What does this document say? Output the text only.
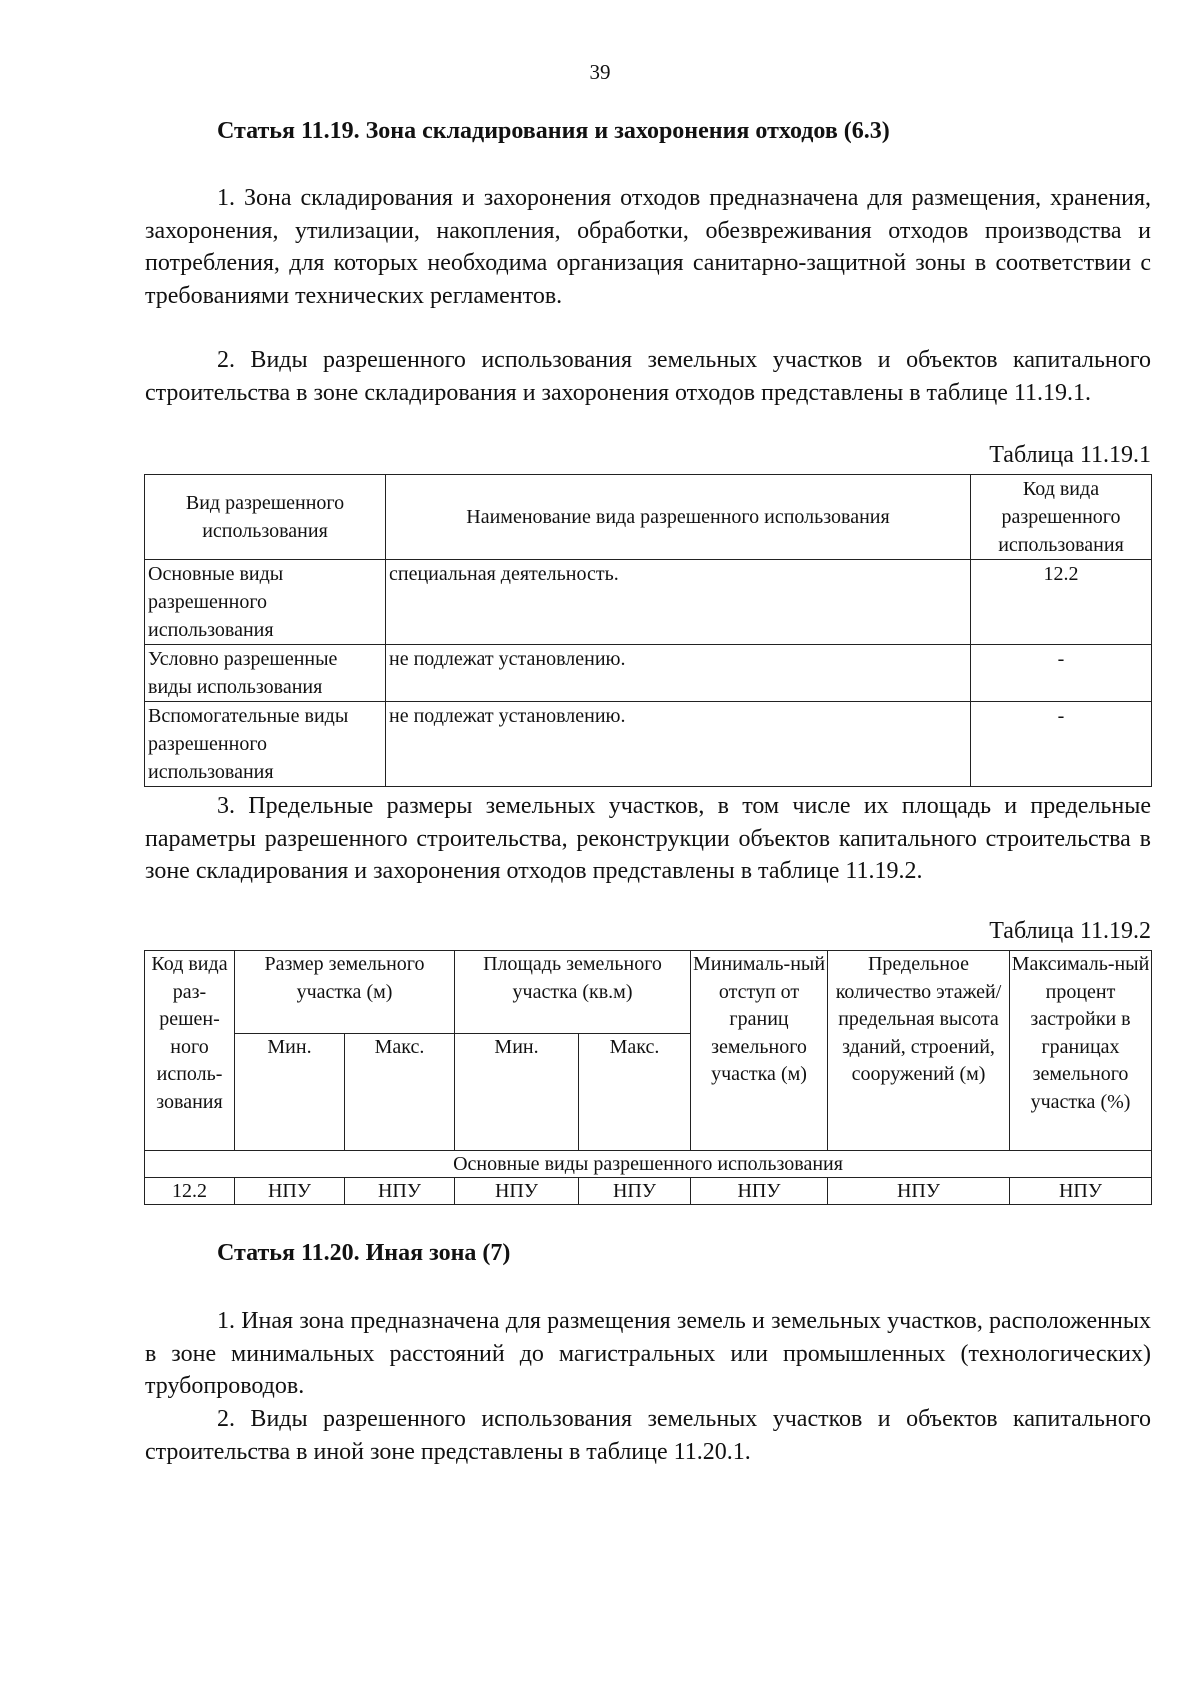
39
Статья 11.19. Зона складирования и захоронения отходов (6.3)
1. Зона складирования и захоронения отходов предназначена для размещения, хранения, захоронения, утилизации, накопления, обработки, обезвреживания отходов производства и потребления, для которых необходима организация санитарно-защитной зоны в соответствии с требованиями технических регламентов.
2. Виды разрешенного использования земельных участков и объектов капитального строительства в зоне складирования и захоронения отходов представлены в таблице 11.19.1.
Таблица 11.19.1
Вид разрешенного использования	Наименование вида разрешенного использования	Код вида разрешенного использования
Основные виды разрешенного использования	специальная деятельность.	12.2
Условно разрешенные виды использования	не подлежат установлению.	-
Вспомогательные виды разрешенного использования	не подлежат установлению.	-
3. Предельные размеры земельных участков, в том числе их площадь и предельные параметры разрешенного строительства, реконструкции объектов капитального строительства в зоне складирования и захоронения отходов представлены в таблице 11.19.2.
Таблица 11.19.2
Код вида раз-решен-ного исполь-зования	Размер земельного участка (м)		Площадь земельного участка (кв.м)		Минималь-ный отступ от границ земельного участка (м)	Предельное количество этажей/ предельная высота зданий, строений, сооружений (м)	Максималь-ный процент застройки в границах земельного участка (%)
	Мин.	Макс.	Мин.	Макс.			
Основные виды разрешенного использования							
12.2	НПУ	НПУ	НПУ	НПУ	НПУ	НПУ	НПУ
Статья 11.20. Иная зона (7)
1. Иная зона предназначена для размещения земель и земельных участков, расположенных в зоне минимальных расстояний до магистральных или промышленных (технологических) трубопроводов.
2. Виды разрешенного использования земельных участков и объектов капитального строительства в иной зоне представлены в таблице 11.20.1.
